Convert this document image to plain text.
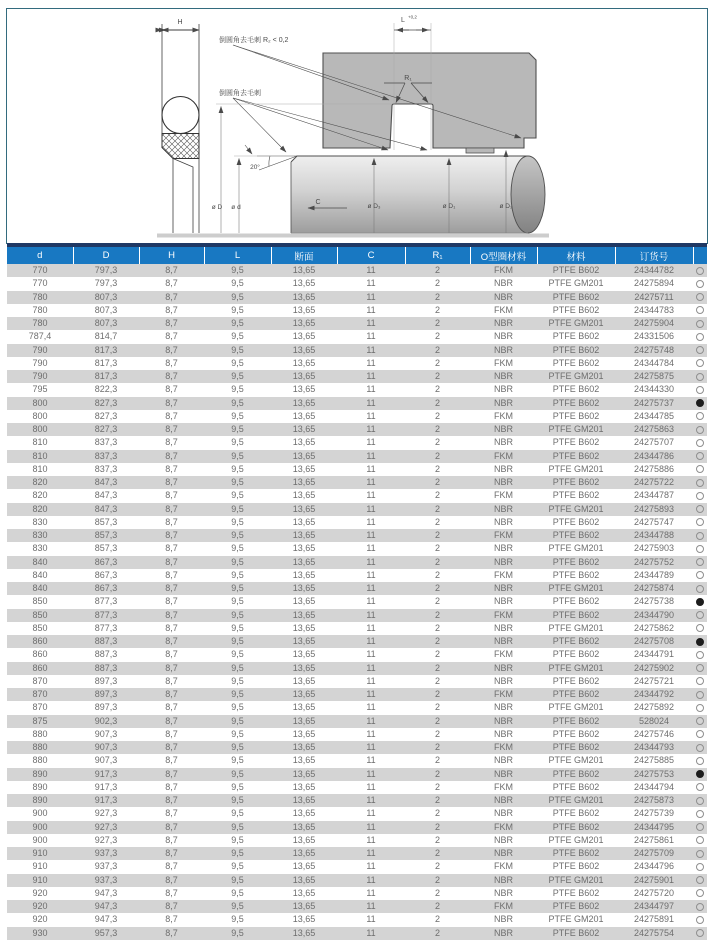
H	L +0,2
R₁
20°
倒圆角去毛刺 R₂ < 0,2
倒圆角去毛刺
ø D ø d
C
ø D₃	ø D₁	ø D₂
d	D	H	L	断面	C	R₁	O型圈材料	材料	订货号	
770	797,3	8,7	9,5	13,65	11	2	FKM	PTFE B602	24344782	
770	797,3	8,7	9,5	13,65	11	2	NBR	PTFE GM201	24275894	
780	807,3	8,7	9,5	13,65	11	2	NBR	PTFE B602	24275711	
780	807,3	8,7	9,5	13,65	11	2	FKM	PTFE B602	24344783	
780	807,3	8,7	9,5	13,65	11	2	NBR	PTFE GM201	24275904	
787,4	814,7	8,7	9,5	13,65	11	2	NBR	PTFE B602	24331506	
790	817,3	8,7	9,5	13,65	11	2	NBR	PTFE B602	24275748	
790	817,3	8,7	9,5	13,65	11	2	FKM	PTFE B602	24344784	
790	817,3	8,7	9,5	13,65	11	2	NBR	PTFE GM201	24275875	
795	822,3	8,7	9,5	13,65	11	2	NBR	PTFE B602	24344330	
800	827,3	8,7	9,5	13,65	11	2	NBR	PTFE B602	24275737	
800	827,3	8,7	9,5	13,65	11	2	FKM	PTFE B602	24344785	
800	827,3	8,7	9,5	13,65	11	2	NBR	PTFE GM201	24275863	
810	837,3	8,7	9,5	13,65	11	2	NBR	PTFE B602	24275707	
810	837,3	8,7	9,5	13,65	11	2	FKM	PTFE B602	24344786	
810	837,3	8,7	9,5	13,65	11	2	NBR	PTFE GM201	24275886	
820	847,3	8,7	9,5	13,65	11	2	NBR	PTFE B602	24275722	
820	847,3	8,7	9,5	13,65	11	2	FKM	PTFE B602	24344787	
820	847,3	8,7	9,5	13,65	11	2	NBR	PTFE GM201	24275893	
830	857,3	8,7	9,5	13,65	11	2	NBR	PTFE B602	24275747	
830	857,3	8,7	9,5	13,65	11	2	FKM	PTFE B602	24344788	
830	857,3	8,7	9,5	13,65	11	2	NBR	PTFE GM201	24275903	
840	867,3	8,7	9,5	13,65	11	2	NBR	PTFE B602	24275752	
840	867,3	8,7	9,5	13,65	11	2	FKM	PTFE B602	24344789	
840	867,3	8,7	9,5	13,65	11	2	NBR	PTFE GM201	24275874	
850	877,3	8,7	9,5	13,65	11	2	NBR	PTFE B602	24275738	
850	877,3	8,7	9,5	13,65	11	2	FKM	PTFE B602	24344790	
850	877,3	8,7	9,5	13,65	11	2	NBR	PTFE GM201	24275862	
860	887,3	8,7	9,5	13,65	11	2	NBR	PTFE B602	24275708	
860	887,3	8,7	9,5	13,65	11	2	FKM	PTFE B602	24344791	
860	887,3	8,7	9,5	13,65	11	2	NBR	PTFE GM201	24275902	
870	897,3	8,7	9,5	13,65	11	2	NBR	PTFE B602	24275721	
870	897,3	8,7	9,5	13,65	11	2	FKM	PTFE B602	24344792	
870	897,3	8,7	9,5	13,65	11	2	NBR	PTFE GM201	24275892	
875	902,3	8,7	9,5	13,65	11	2	NBR	PTFE B602	528024	
880	907,3	8,7	9,5	13,65	11	2	NBR	PTFE B602	24275746	
880	907,3	8,7	9,5	13,65	11	2	FKM	PTFE B602	24344793	
880	907,3	8,7	9,5	13,65	11	2	NBR	PTFE GM201	24275885	
890	917,3	8,7	9,5	13,65	11	2	NBR	PTFE B602	24275753	
890	917,3	8,7	9,5	13,65	11	2	FKM	PTFE B602	24344794	
890	917,3	8,7	9,5	13,65	11	2	NBR	PTFE GM201	24275873	
900	927,3	8,7	9,5	13,65	11	2	NBR	PTFE B602	24275739	
900	927,3	8,7	9,5	13,65	11	2	FKM	PTFE B602	24344795	
900	927,3	8,7	9,5	13,65	11	2	NBR	PTFE GM201	24275861	
910	937,3	8,7	9,5	13,65	11	2	NBR	PTFE B602	24275709	
910	937,3	8,7	9,5	13,65	11	2	FKM	PTFE B602	24344796	
910	937,3	8,7	9,5	13,65	11	2	NBR	PTFE GM201	24275901	
920	947,3	8,7	9,5	13,65	11	2	NBR	PTFE B602	24275720	
920	947,3	8,7	9,5	13,65	11	2	FKM	PTFE B602	24344797	
920	947,3	8,7	9,5	13,65	11	2	NBR	PTFE GM201	24275891	
930	957,3	8,7	9,5	13,65	11	2	NBR	PTFE B602	24275754	
